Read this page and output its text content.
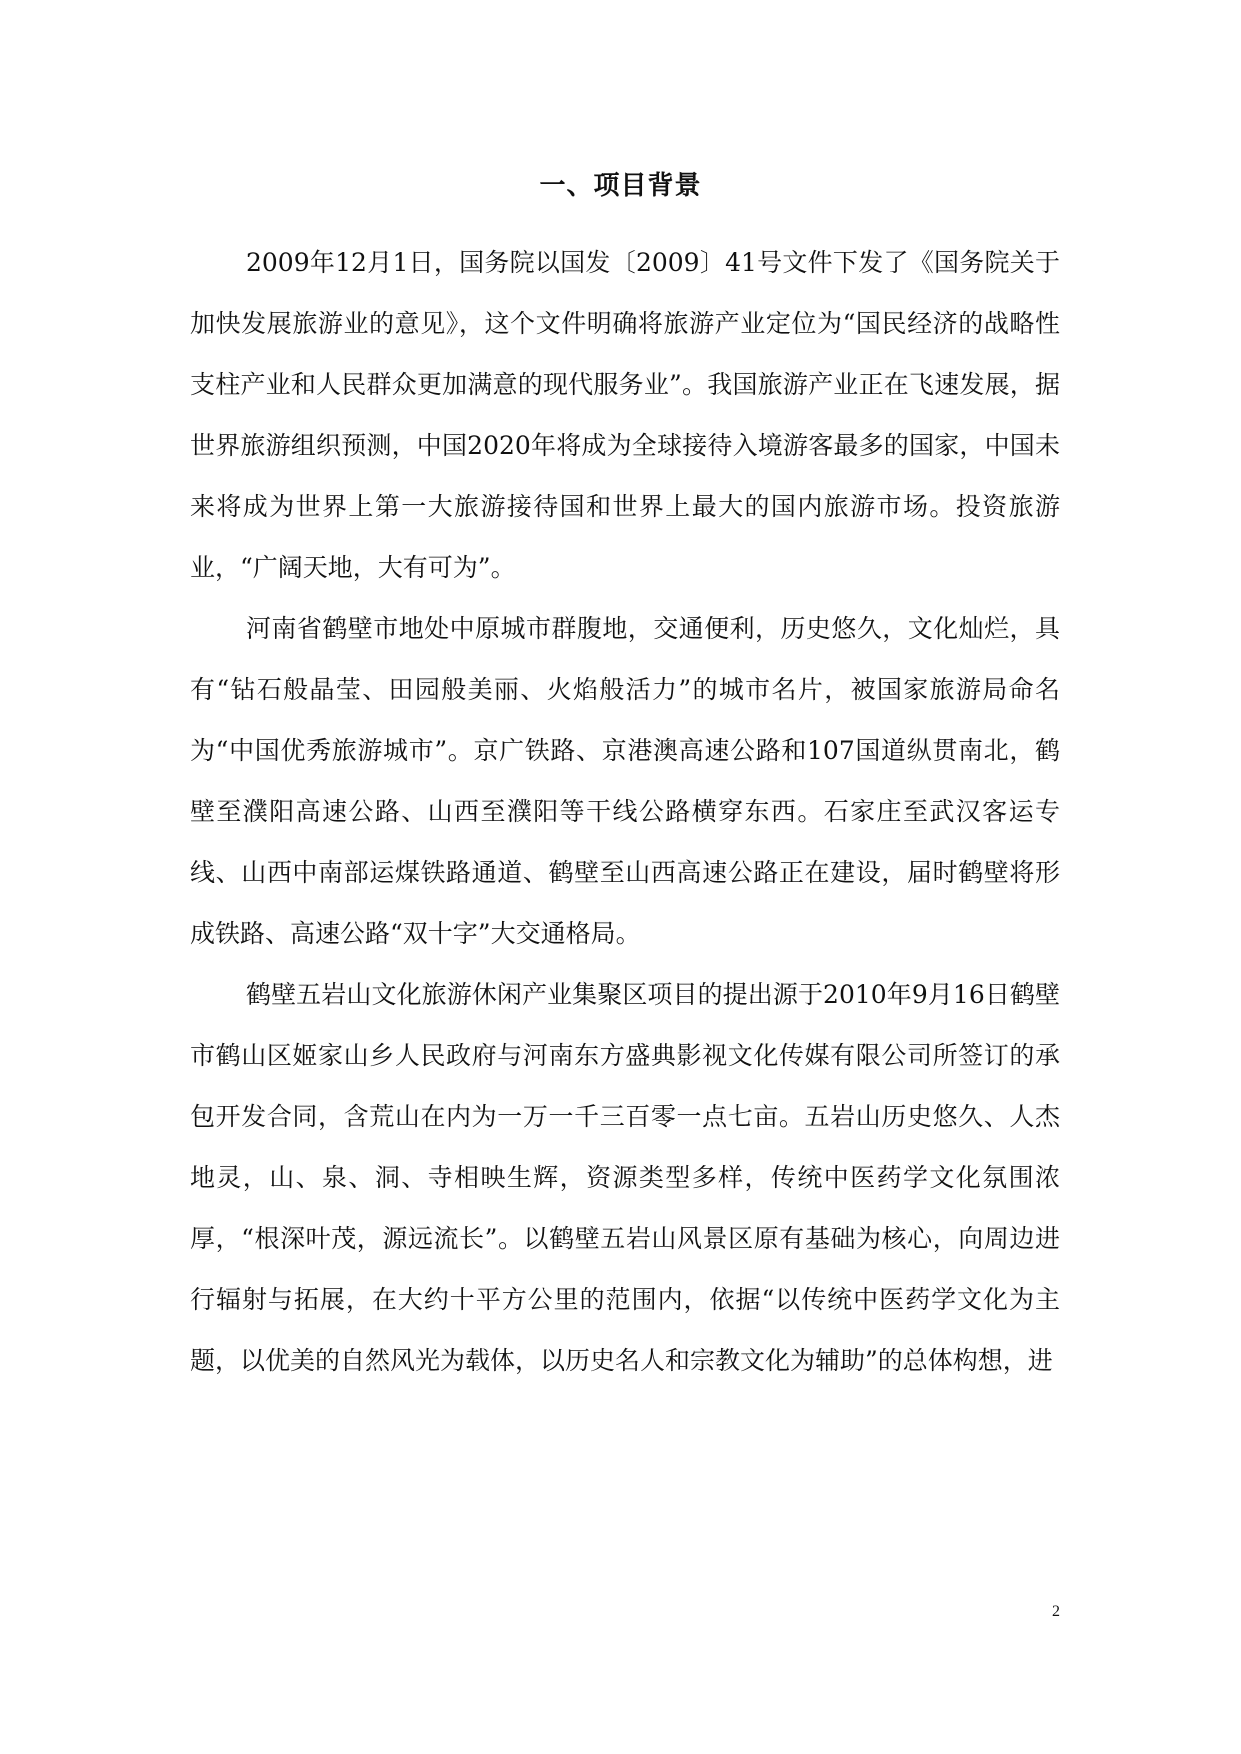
一、项目背景

2009年12月1日，国务院以国发〔2009〕41号文件下发了《国务院关于加快发展旅游业的意见》，这个文件明确将旅游产业定位为“国民经济的战略性支柱产业和人民群众更加满意的现代服务业”。我国旅游产业正在飞速发展，据世界旅游组织预测，中国2020年将成为全球接待入境游客最多的国家，中国未来将成为世界上第一大旅游接待国和世界上最大的国内旅游市场。投资旅游业，“广阔天地，大有可为”。

河南省鹤壁市地处中原城市群腹地，交通便利，历史悠久，文化灿烂，具有“钻石般晶莹、田园般美丽、火焰般活力”的城市名片，被国家旅游局命名为“中国优秀旅游城市”。京广铁路、京港澳高速公路和107国道纵贯南北，鹤壁至濮阳高速公路、山西至濮阳等干线公路横穿东西。石家庄至武汉客运专线、山西中南部运煤铁路通道、鹤壁至山西高速公路正在建设，届时鹤壁将形成铁路、高速公路“双十字”大交通格局。

鹤壁五岩山文化旅游休闲产业集聚区项目的提出源于2010年9月16日鹤壁市鹤山区姬家山乡人民政府与河南东方盛典影视文化传媒有限公司所签订的承包开发合同，含荒山在内为一万一千三百零一点七亩。五岩山历史悠久、人杰地灵，山、泉、洞、寺相映生辉，资源类型多样，传统中医药学文化氛围浓厚，“根深叶茂，源远流长”。以鹤壁五岩山风景区原有基础为核心，向周边进行辐射与拓展，在大约十平方公里的范围内，依据“以传统中医药学文化为主题，以优美的自然风光为载体，以历史名人和宗教文化为辅助”的总体构想，进

2
